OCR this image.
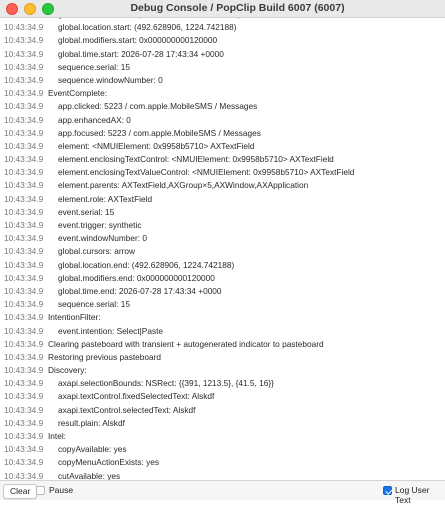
Debug Console / PopClip Build 6007 (6007)
10:43:34.9 global.location.start: (492.628906, 1224.742188)
10:43:34.9 global.modifiers.start: 0x000000000120000
10:43:34.9 global.time.start: 2026-07-28 17:43:34 +0000
10:43:34.9 sequence.serial: 15
10:43:34.9 sequence.windowNumber: 0
10:43:34.9 EventComplete:
10:43:34.9 app.clicked: 5223 / com.apple.MobileSMS / Messages
10:43:34.9 app.enhancedAX: 0
10:43:34.9 app.focused: 5223 / com.apple.MobileSMS / Messages
10:43:34.9 element: <NMUIElement: 0x9958b5710> AXTextField
10:43:34.9 element.enclosingTextControl: <NMUIElement: 0x9958b5710> AXTextField
10:43:34.9 element.enclosingTextValueControl: <NMUIElement: 0x9958b5710> AXTextField
10:43:34.9 element.parents: AXTextField,AXGroup×5,AXWindow,AXApplication
10:43:34.9 element.role: AXTextField
10:43:34.9 event.serial: 15
10:43:34.9 event.trigger: synthetic
10:43:34.9 event.windowNumber: 0
10:43:34.9 global.cursors: arrow
10:43:34.9 global.location.end: (492.628906, 1224.742188)
10:43:34.9 global.modifiers.end: 0x000000000120000
10:43:34.9 global.time.end: 2026-07-28 17:43:34 +0000
10:43:34.9 sequence.serial: 15
10:43:34.9 IntentionFilter:
10:43:34.9 event.intention: Select|Paste
10:43:34.9 Clearing pasteboard with transient + autogenerated indicator to pasteboard
10:43:34.9 Restoring previous pasteboard
10:43:34.9 Discovery:
10:43:34.9 axapi.selectionBounds: NSRect: {{391, 1213.5}, {41.5, 16}}
10:43:34.9 axapi.textControl.fixedSelectedText: Alskdf
10:43:34.9 axapi.textControl.selectedText: Alskdf
10:43:34.9 result.plain: Alskdf
10:43:34.9 Intel:
10:43:34.9 copyAvailable: yes
10:43:34.9 copyMenuActionExists: yes
10:43:34.9 cutAvailable: yes
Clear	Pause	Log User Text
